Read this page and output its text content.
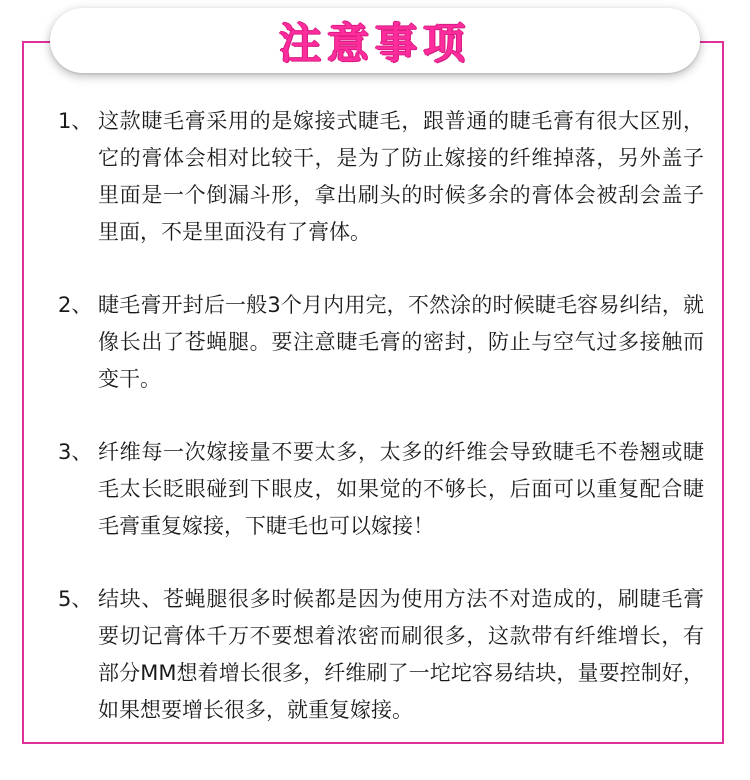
注意事项
1、 这款睫毛膏采用的是嫁接式睫毛，跟普通的睫毛膏有很大区别，它的膏体会相对比较干，是为了防止嫁接的纤维掉落，另外盖子里面是一个倒漏斗形，拿出刷头的时候多余的膏体会被刮会盖子里面，不是里面没有了膏体。
2、 睫毛膏开封后一般3个月内用完，不然涂的时候睫毛容易纠结，就像长出了苍蝇腿。要注意睫毛膏的密封，防止与空气过多接触而变干。
3、 纤维每一次嫁接量不要太多，太多的纤维会导致睫毛不卷翘或睫毛太长眨眼碰到下眼皮，如果觉的不够长，后面可以重复配合睫毛膏重复嫁接，下睫毛也可以嫁接！
5、 结块、苍蝇腿很多时候都是因为使用方法不对造成的，刷睫毛膏要切记膏体千万不要想着浓密而刷很多，这款带有纤维增长，有部分MM想着增长很多，纤维刷了一坨坨容易结块，量要控制好，如果想要增长很多，就重复嫁接。
